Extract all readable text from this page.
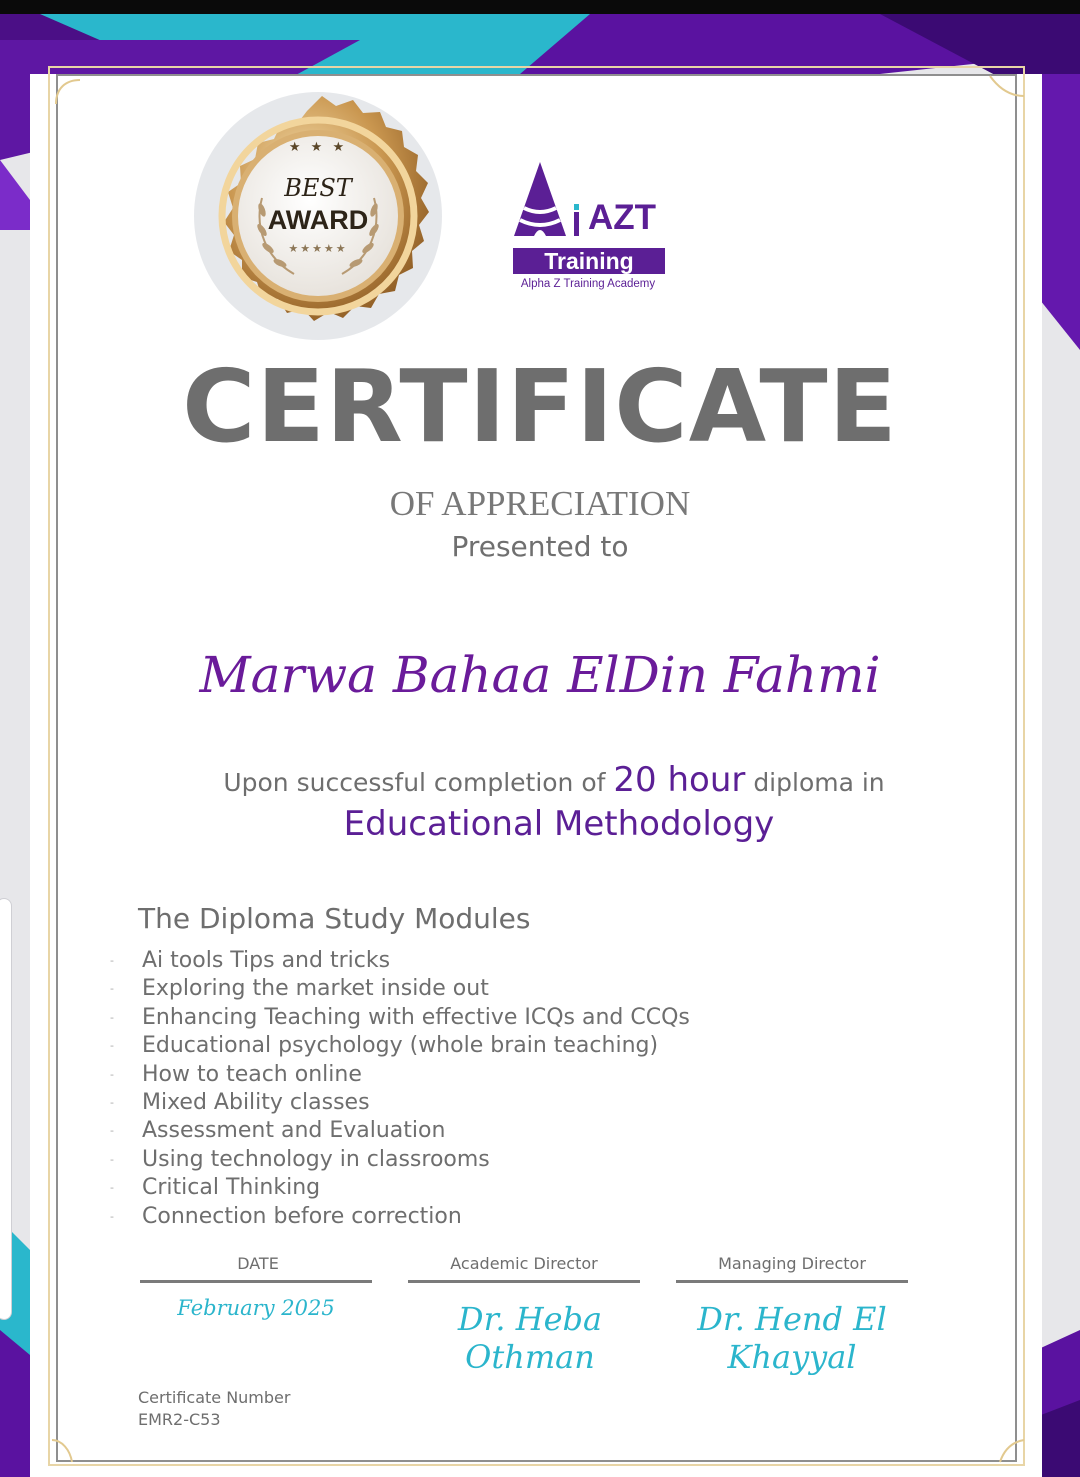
★ ★ ★
BEST
AWARD
★★★★★
AZT
Training
Alpha Z Training Academy
CERTIFICATE
OF APPRECIATION
Presented to
Marwa Bahaa ElDin Fahmi
Upon successful completion of 20 hour diploma in
Educational Methodology
The Diploma Study Modules
- Ai tools Tips and tricks
- Exploring the market inside out
- Enhancing Teaching with effective ICQs and CCQs
- Educational psychology (whole brain teaching)
- How to teach online
- Mixed Ability classes
- Assessment and Evaluation
- Using technology in classrooms
- Critical Thinking
- Connection before correction
DATE
February 2025
Academic Director
Dr. Heba Othman
Managing Director
Dr. Hend El Khayyal
Certificate Number
EMR2-C53
